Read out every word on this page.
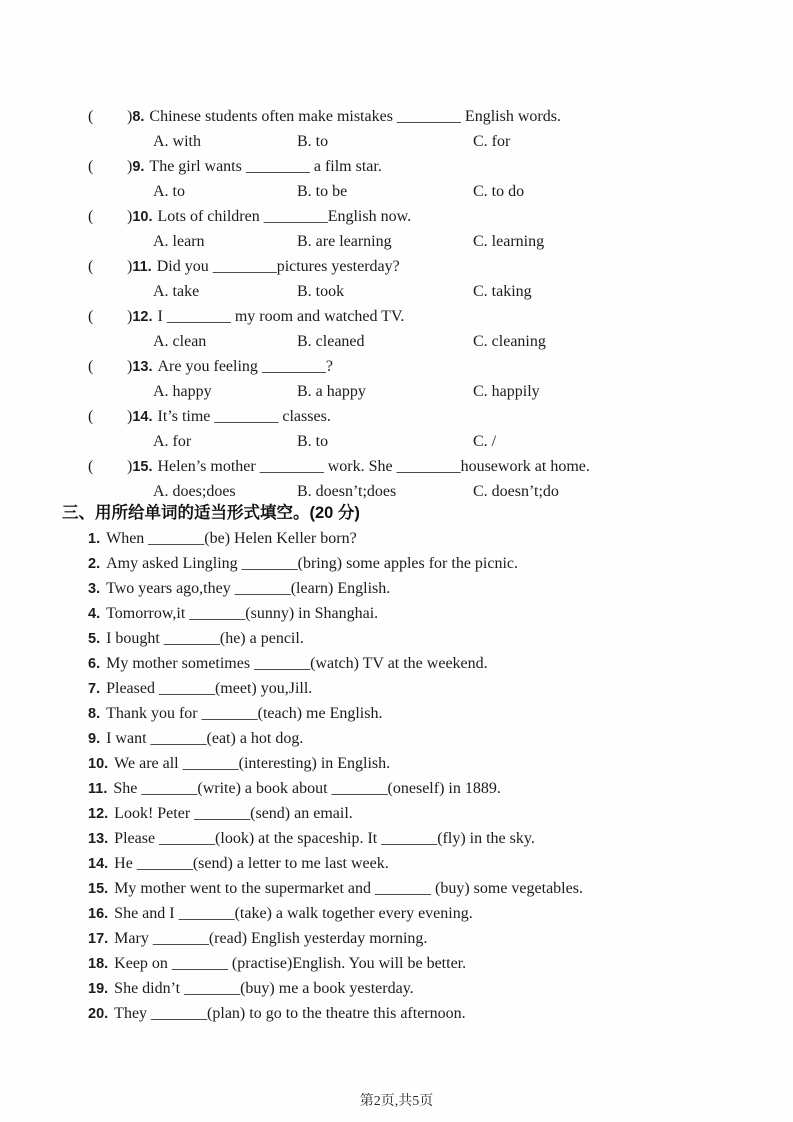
( )8. Chinese students often make mistakes ________ English words.
A. with	B. to	C. for
( )9. The girl wants ________ a film star.
A. to	B. to be	C. to do
( )10. Lots of children ________English now.
A. learn	B. are learning	C. learning
( )11. Did you ________pictures yesterday?
A. take	B. took	C. taking
( )12. I ________ my room and watched TV.
A. clean	B. cleaned	C. cleaning
( )13. Are you feeling ________?
A. happy	B. a happy	C. happily
( )14. It’s time ________ classes.
A. for	B. to	C. /
( )15. Helen’s mother ________ work. She ________housework at home.
A. does;does	B. doesn’t;does	C. doesn’t;do
三、用所给单词的适当形式填空。(20 分)
1. When _______(be) Helen Keller born?
2. Amy asked Lingling _______(bring) some apples for the picnic.
3. Two years ago,they _______(learn) English.
4. Tomorrow,it _______(sunny) in Shanghai.
5. I bought _______(he) a pencil.
6. My mother sometimes _______(watch) TV at the weekend.
7. Pleased _______(meet) you,Jill.
8. Thank you for _______(teach) me English.
9. I want _______(eat) a hot dog.
10. We are all _______(interesting) in English.
11. She _______(write) a book about _______(oneself) in 1889.
12. Look! Peter _______(send) an email.
13. Please _______(look) at the spaceship. It _______(fly) in the sky.
14. He _______(send) a letter to me last week.
15. My mother went to the supermarket and _______ (buy) some vegetables.
16. She and I _______(take) a walk together every evening.
17. Mary _______(read) English yesterday morning.
18. Keep on _______ (practise)English. You will be better.
19. She didn’t _______(buy) me a book yesterday.
20. They _______(plan) to go to the theatre this afternoon.
第2页,共5页
